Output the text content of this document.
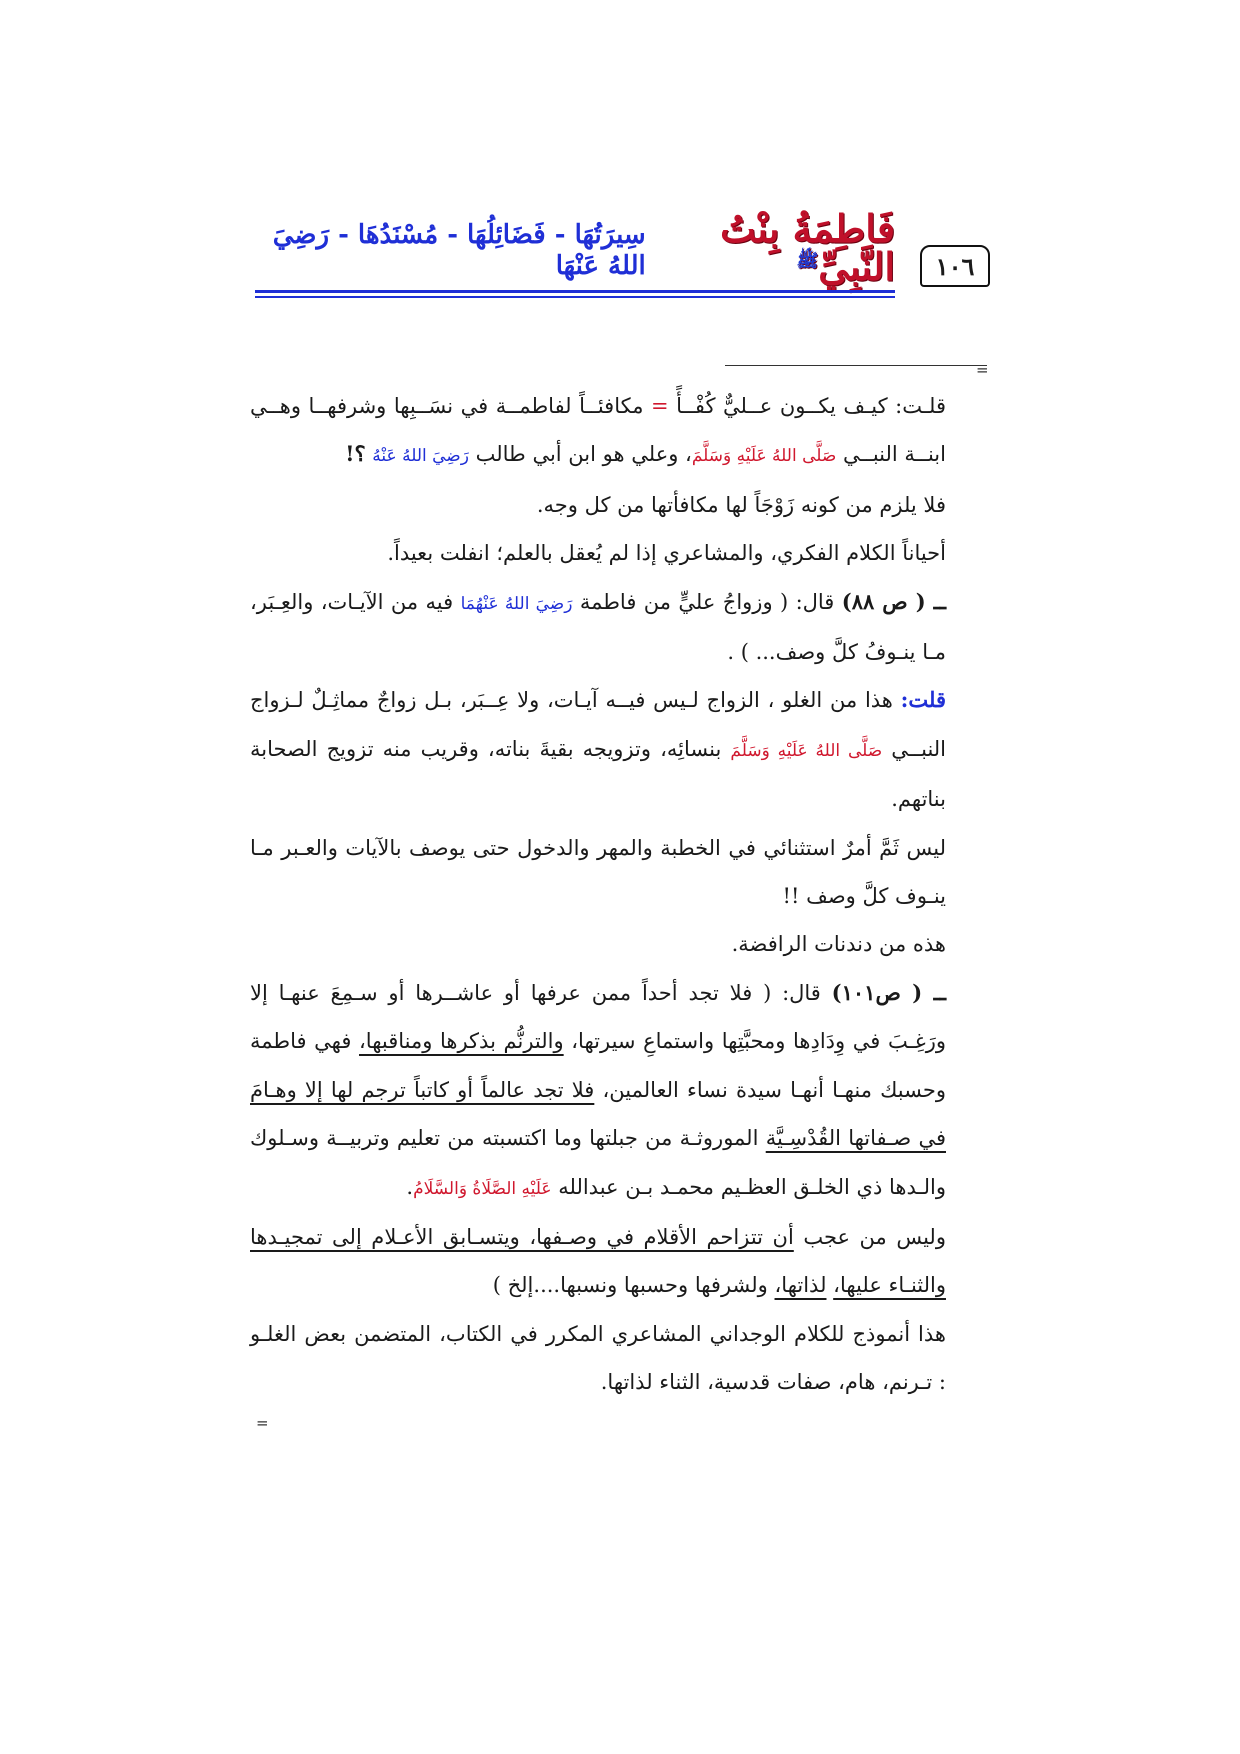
١٠٦
فَاطِمَةُ بِنْتُ النَّبِيِّ$^ﷺ$
سِيرَتُهَا - فَضَائِلُهَا - مُسْنَدُهَا - رَضِيَ اللهُ عَنْهَا
=

قلـت: كيـف يكــون عــليٌّ كُفْــأً = مكافئــاً لفاطمــة في نسَــبِها وشرفهــا وهــي ابنــة النبــي صَلَّى اللهُ عَلَيْهِ وَسَلَّمَ، وعلي هو ابن أبي طالب رَضِيَ اللهُ عَنْهُ ؟!

فلا يلزم من كونه زَوْجَاً لها مكافأتها من كل وجه.

أحياناً الكلام الفكري، والمشاعري إذا لم يُعقل بالعلم؛ انفلت بعيداً.

ــ ( ص ٨٨) قال: ( وزواجُ عليٍّ من فاطمة رَضِيَ اللهُ عَنْهُمَا فيه من الآيـات، والعِـبَر، مـا ينـوفُ كلَّ وصف... ) .

قلت: هذا من الغلو ، الزواج لـيس فيــه آيـات، ولا عِــبَر، بـل زواجٌ مماثِـلٌ لـزواج النبــي صَلَّى اللهُ عَلَيْهِ وَسَلَّمَ بنسائِه، وتزويجه بقيةَ بناته، وقريب منه تزويج الصحابة بناتهم.

ليس ثَمَّ أمرٌ استثنائي في الخطبة والمهر والدخول حتى يوصف بالآيات والعـبر مـا ينـوف كلَّ وصف !!

هذه من دندنات الرافضة.

ــ ( ص١٠١) قال: ( فلا تجد أحداً ممن عرفها أو عاشــرها أو سـمِعَ عنهـا إلا ورَغِـبَ في وِدَادِها ومحبَّتِها واستماعِ سيرتها، والترنُّم بذكرها ومناقبها، فهي فاطمة وحسبك منهـا أنهـا سيدة نساء العالمين، فلا تجد عالماً أو كاتباً ترجم لها إلا وهـامَ في صـفاتها القُدْسِـيَّة الموروثـة من جبلتها وما اكتسبته من تعليم وتربيــة وسـلوك والـدها ذي الخلـق العظـيم محمـد بـن عبدالله عَلَيْهِ الصَّلَاةُ وَالسَّلَامُ.

وليس من عجب أن تتزاحم الأقلام في وصـفها، ويتسـابق الأعـلام إلى تمجيـدها والثنـاء عليها، لذاتها، ولشرفها وحسبها ونسبها....إلخ )

هذا أنموذج للكلام الوجداني المشاعري المكرر في الكتاب، المتضمن بعض الغلـو : تـرنم، هام، صفات قدسية، الثناء لذاتها.

=
